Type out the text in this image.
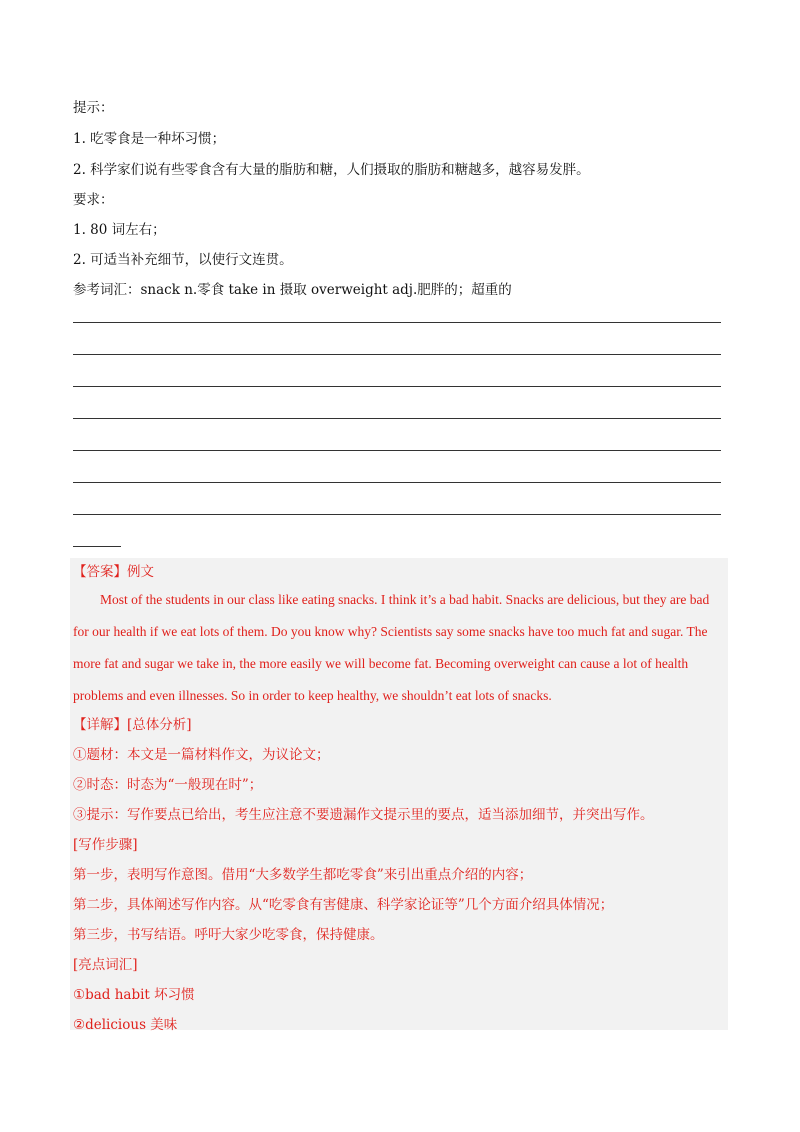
提示：
1. 吃零食是一种坏习惯；
2. 科学家们说有些零食含有大量的脂肪和糖，人们摄取的脂肪和糖越多，越容易发胖。
要求：
1. 80 词左右；
2. 可适当补充细节，以使行文连贯。
参考词汇：snack n.零食 take in 摄取 overweight adj.肥胖的；超重的
【答案】例文
Most of the students in our class like eating snacks. I think it’s a bad habit. Snacks are delicious, but they are bad for our health if we eat lots of them. Do you know why? Scientists say some snacks have too much fat and sugar. The more fat and sugar we take in, the more easily we will become fat. Becoming overweight can cause a lot of health problems and even illnesses. So in order to keep healthy, we shouldn’t eat lots of snacks.
【详解】[总体分析]
①题材：本文是一篇材料作文，为议论文；
②时态：时态为“一般现在时”；
③提示：写作要点已给出，考生应注意不要遗漏作文提示里的要点，适当添加细节，并突出写作。
[写作步骤]
第一步，表明写作意图。借用“大多数学生都吃零食”来引出重点介绍的内容；
第二步，具体阐述写作内容。从“吃零食有害健康、科学家论证等”几个方面介绍具体情况；
第三步，书写结语。呼吁大家少吃零食，保持健康。
[亮点词汇]
①bad habit 坏习惯
②delicious 美味
